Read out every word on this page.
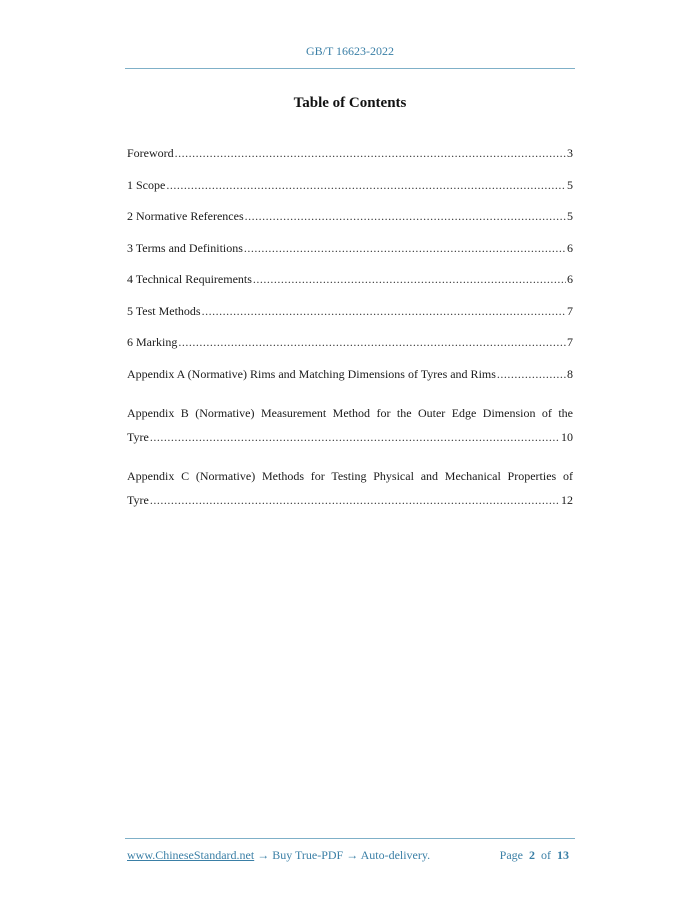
GB/T 16623-2022
Table of Contents
Foreword .....	3
1 Scope .....	5
2 Normative References .....	5
3 Terms and Definitions .....	6
4 Technical Requirements .....	6
5 Test Methods .....	7
6 Marking .....	7
Appendix A (Normative) Rims and Matching Dimensions of Tyres and Rims .....	8
Appendix B (Normative) Measurement Method for the Outer Edge Dimension of the
Tyre .....	10
Appendix C (Normative) Methods for Testing Physical and Mechanical Properties of
Tyre .....	12
www.ChineseStandard.net → Buy True-PDF → Auto-delivery.	Page 2 of 13
